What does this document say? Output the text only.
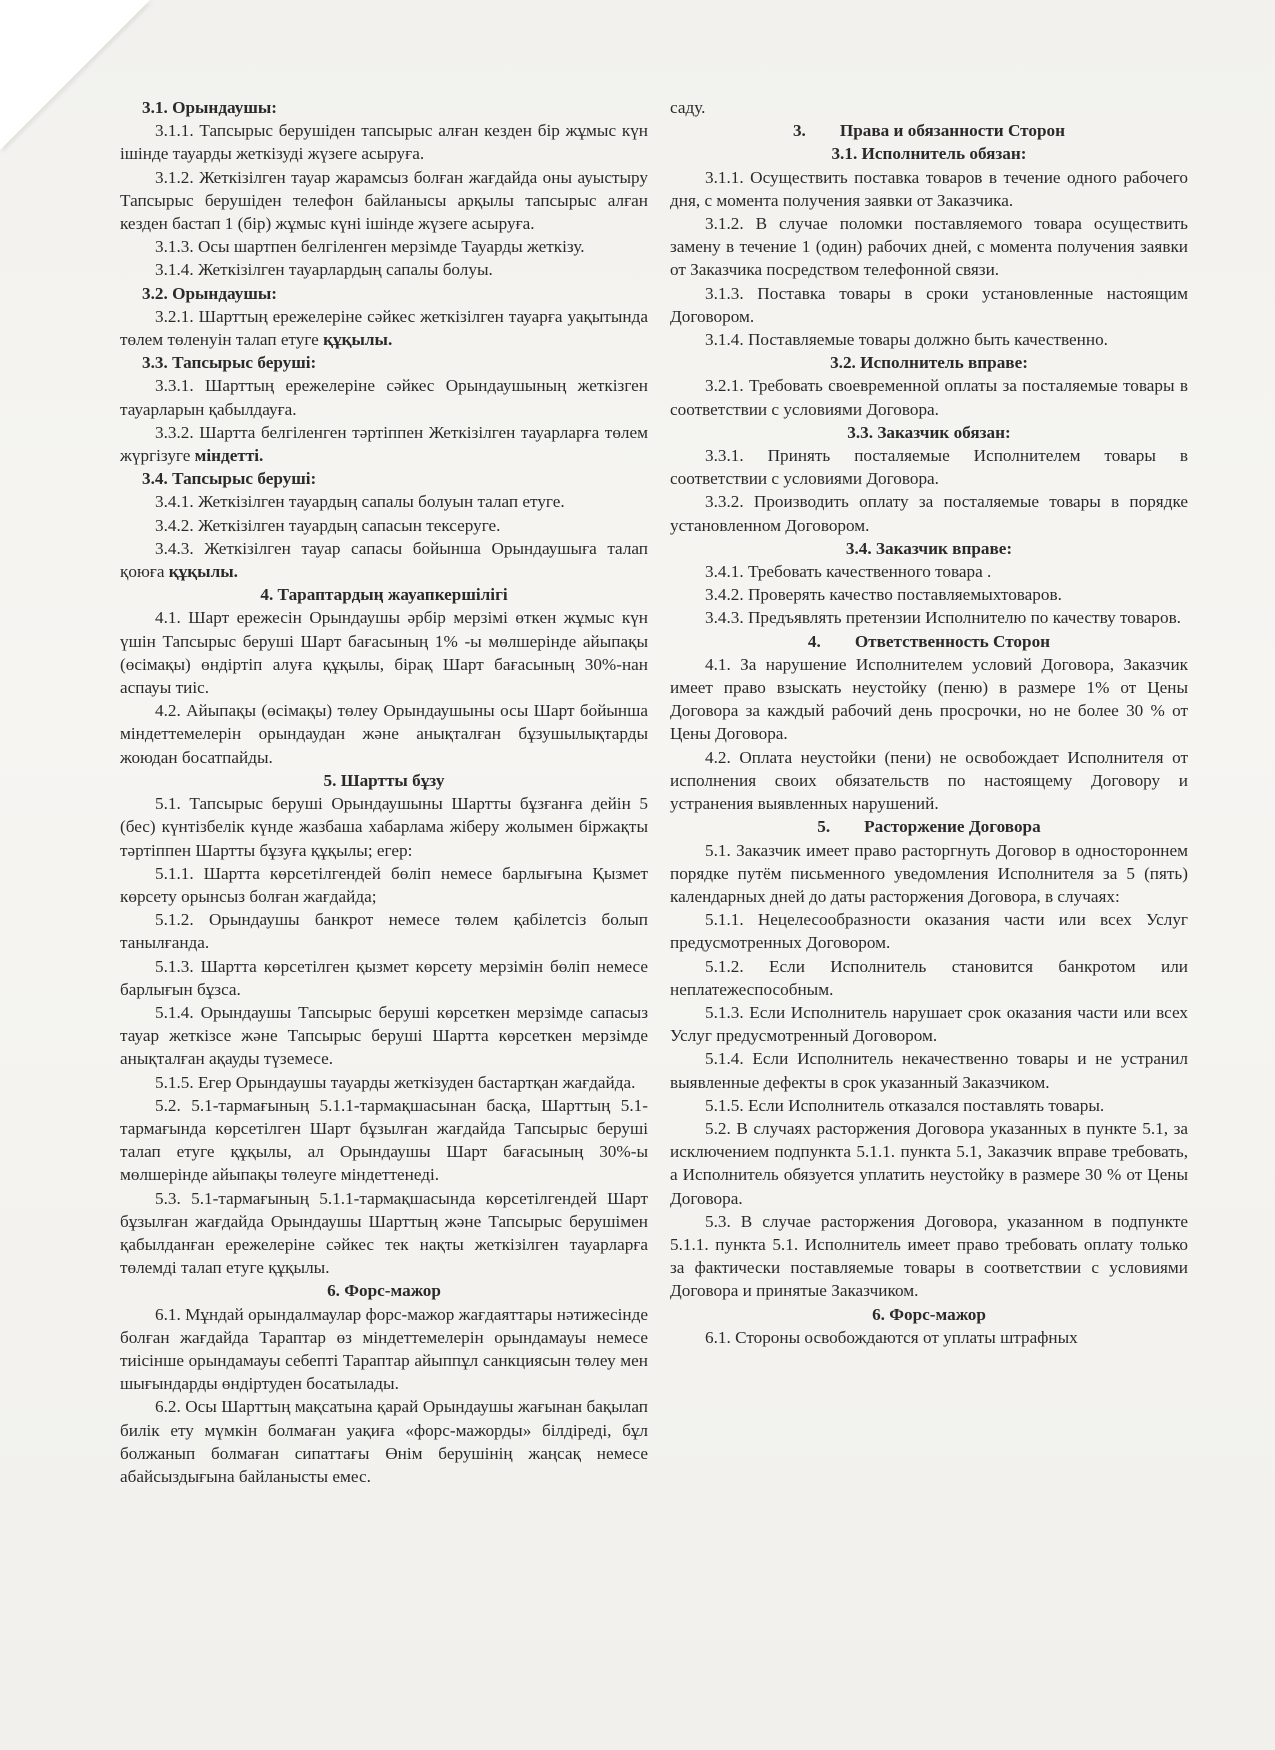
3.1. Орындаушы:

3.1.1. Тапсырыс берушiден тапсырыс алған кезден бiр жұмыс күн iшiнде тауарды жеткiзудi жүзеге асыруға.

3.1.2. Жеткiзiлген тауар жарамсыз болған жағдайда оны ауыстыру Тапсырыс берушiден телефон байланысы арқылы тапсырыс алған кезден бастап 1 (бiр) жұмыс күнi iшiнде жүзеге асыруға.

3.1.3. Осы шартпен белгiленген мерзiмде Тауарды жеткiзу.

3.1.4. Жеткiзiлген тауарлардың сапалы болуы.

3.2. Орындаушы:

3.2.1. Шарттың ережелерiне сәйкес жеткiзiлген тауарға уақытында төлем төленуiн талап етуге құқылы.

3.3. Тапсырыс берушi:

3.3.1. Шарттың ережелерiне сәйкес Орындаушының жеткiзген тауарларын қабылдауға.

3.3.2. Шартта белгiленген тәртiппен Жеткiзiлген тауарларға төлем жүргiзуге мiндеттi.

3.4. Тапсырыс берушi:

3.4.1. Жеткiзiлген тауардың сапалы болуын талап етуге.

3.4.2. Жеткiзiлген тауардың сапасын тексеруге.

3.4.3. Жеткiзiлген тауар сапасы бойынша Орындаушыға талап қоюға құқылы.

4. Тараптардың жауапкершiлiгi

4.1. Шарт ережесiн Орындаушы әрбiр мерзiмi өткен жұмыс күн үшiн Тапсырыс берушi Шарт бағасының 1% -ы мөлшерiнде айыпақы (өсiмақы) өндiртiп алуға құқылы, бiрақ Шарт бағасының 30%-нан аспауы тиiс.

4.2. Айыпақы (өсiмақы) төлеу Орындаушыны осы Шарт бойынша мiндеттемелерiн орындаудан және анықталған бұзушылықтарды жоюдан босатпайды.

5. Шартты бұзу

5.1. Тапсырыс берушi Орындаушыны Шартты бұзғанға дейiн 5 (бес) күнтiзбелiк күнде жазбаша хабарлама жiберу жолымен бiржақты тәртiппен Шартты бұзуға құқылы; егер:

5.1.1. Шартта көрсетiлгендей бөлiп немесе барлығына Қызмет көрсету орынсыз болған жағдайда;

5.1.2. Орындаушы банкрот немесе төлем қабiлетсiз болып танылғанда.

5.1.3. Шартта көрсетiлген қызмет көрсету мерзiмiн бөлiп немесе барлығын бұзса.

5.1.4. Орындаушы Тапсырыс берушi көрсеткен мерзiмде сапасыз тауар жеткiзсе және Тапсырыс берушi Шартта көрсеткен мерзiмде анықталған ақауды түземесе.

5.1.5. Егер Орындаушы тауарды жеткiзуден бастартқан жағдайда.

5.2. 5.1-тармағының 5.1.1-тармақшасынан басқа, Шарттың 5.1-тармағында көрсетiлген Шарт бұзылған жағдайда Тапсырыс берушi талап етуге құқылы, ал Орындаушы Шарт бағасының 30%-ы мөлшерiнде айыпақы төлеуге мiндеттенедi.

5.3. 5.1-тармағының 5.1.1-тармақшасында көрсетiлгендей Шарт бұзылған жағдайда Орындаушы Шарттың және Тапсырыс берушiмен қабылданған ережелерiне сәйкес тек нақты жеткiзiлген тауарларға төлемдi талап етуге құқылы.

6. Форс-мажор

6.1. Мұндай орындалмаулар форс-мажор жағдаяттары нәтижесiнде болған жағдайда Тараптар өз мiндеттемелерiн орындамауы немесе тиiсiнше орындамауы себептi Тараптар айыппұл санкциясын төлеу мен шығындарды өндiртуден босатылады.

6.2. Осы Шарттың мақсатына қарай Орындаушы жағынан бақылап билiк ету мүмкiн болмаған уақиға «форс-мажорды» бiлдiредi, бұл болжанып болмаған сипаттағы Өнiм берушiнiң жаңсақ немесе абайсыздығына байланысты емес.

саду.

3. Права и обязанности Сторон
3.1. Исполнитель обязан:

3.1.1. Осуществить поставка товаров в течение одного рабочего дня, с момента получения заявки от Заказчика.

3.1.2. В случае поломки поставляемого товара осуществить замену в течение 1 (один) рабочих дней, с момента получения заявки от Заказчика посредством телефонной связи.

3.1.3. Поставка товары в сроки установленные настоящим Договором.

3.1.4. Поставляемые товары должно быть качественно.

3.2. Исполнитель вправе:

3.2.1. Требовать своевременной оплаты за посталяемые товары в соответствии с условиями Договора.

3.3. Заказчик обязан:

3.3.1. Принять посталяемые Исполнителем товары в соответствии с условиями Договора.

3.3.2. Производить оплату за посталяемые товары в порядке установленном Договором.

3.4. Заказчик вправе:

3.4.1. Требовать качественного товара .

3.4.2. Проверять качество поставляемыхтоваров.

3.4.3. Предъявлять претензии Исполнителю по качеству товаров.

4. Ответственность Сторон

4.1. За нарушение Исполнителем условий Договора, Заказчик имеет право взыскать неустойку (пеню) в размере 1% от Цены Договора за каждый рабочий день просрочки, но не более 30 % от Цены Договора.

4.2. Оплата неустойки (пени) не освобождает Исполнителя от исполнения своих обязательств по настоящему Договору и устранения выявленных нарушений.

5. Расторжение Договора

5.1. Заказчик имеет право расторгнуть Договор в одностороннем порядке путём письменного уведомления Исполнителя за 5 (пять) календарных дней до даты расторжения Договора, в случаях:

5.1.1. Нецелесообразности оказания части или всех Услуг предусмотренных Договором.

5.1.2. Если Исполнитель становится банкротом или неплатежеспособным.

5.1.3. Если Исполнитель нарушает срок оказания части или всех Услуг предусмотренный Договором.

5.1.4. Если Исполнитель некачественно товары и не устранил выявленные дефекты в срок указанный Заказчиком.

5.1.5. Если Исполнитель отказался поставлять товары.

5.2. В случаях расторжения Договора указанных в пункте 5.1, за исключением подпункта 5.1.1. пункта 5.1, Заказчик вправе требовать, а Исполнитель обязуется уплатить неустойку в размере 30 % от Цены Договора.

5.3. В случае расторжения Договора, указанном в подпункте 5.1.1. пункта 5.1. Исполнитель имеет право требовать оплату только за фактически поставляемые товары в соответствии с условиями Договора и принятые Заказчиком.

6. Форс-мажор

6.1. Стороны освобождаются от уплаты штрафных
